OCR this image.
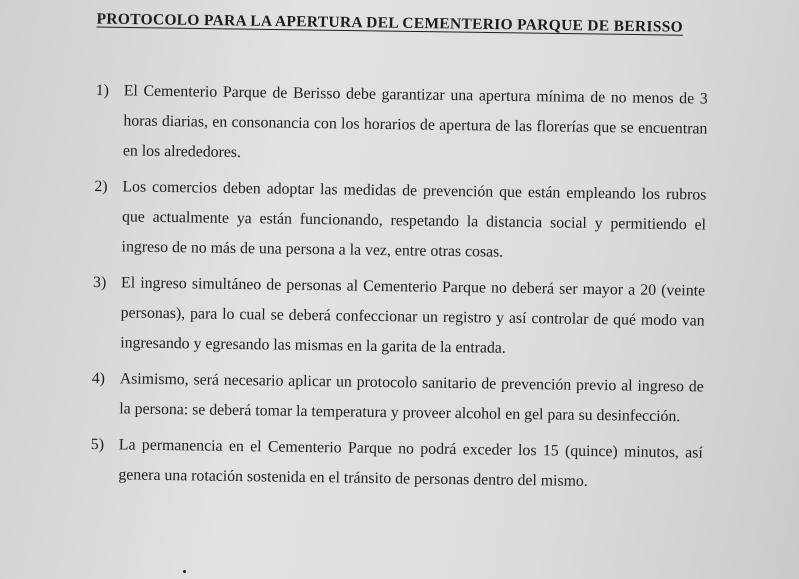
PROTOCOLO PARA LA APERTURA DEL CEMENTERIO PARQUE DE BERISSO
1) El Cementerio Parque de Berisso debe garantizar una apertura mínima de no menos de 3 horas diarias, en consonancia con los horarios de apertura de las florerías que se encuentran en los alrededores.
2) Los comercios deben adoptar las medidas de prevención que están empleando los rubros que actualmente ya están funcionando, respetando la distancia social y permitiendo el ingreso de no más de una persona a la vez, entre otras cosas.
3) El ingreso simultáneo de personas al Cementerio Parque no deberá ser mayor a 20 (veinte personas), para lo cual se deberá confeccionar un registro y así controlar de qué modo van ingresando y egresando las mismas en la garita de la entrada.
4) Asimismo, será necesario aplicar un protocolo sanitario de prevención previo al ingreso de la persona: se deberá tomar la temperatura y proveer alcohol en gel para su desinfección.
5) La permanencia en el Cementerio Parque no podrá exceder los 15 (quince) minutos, así genera una rotación sostenida en el tránsito de personas dentro del mismo.
